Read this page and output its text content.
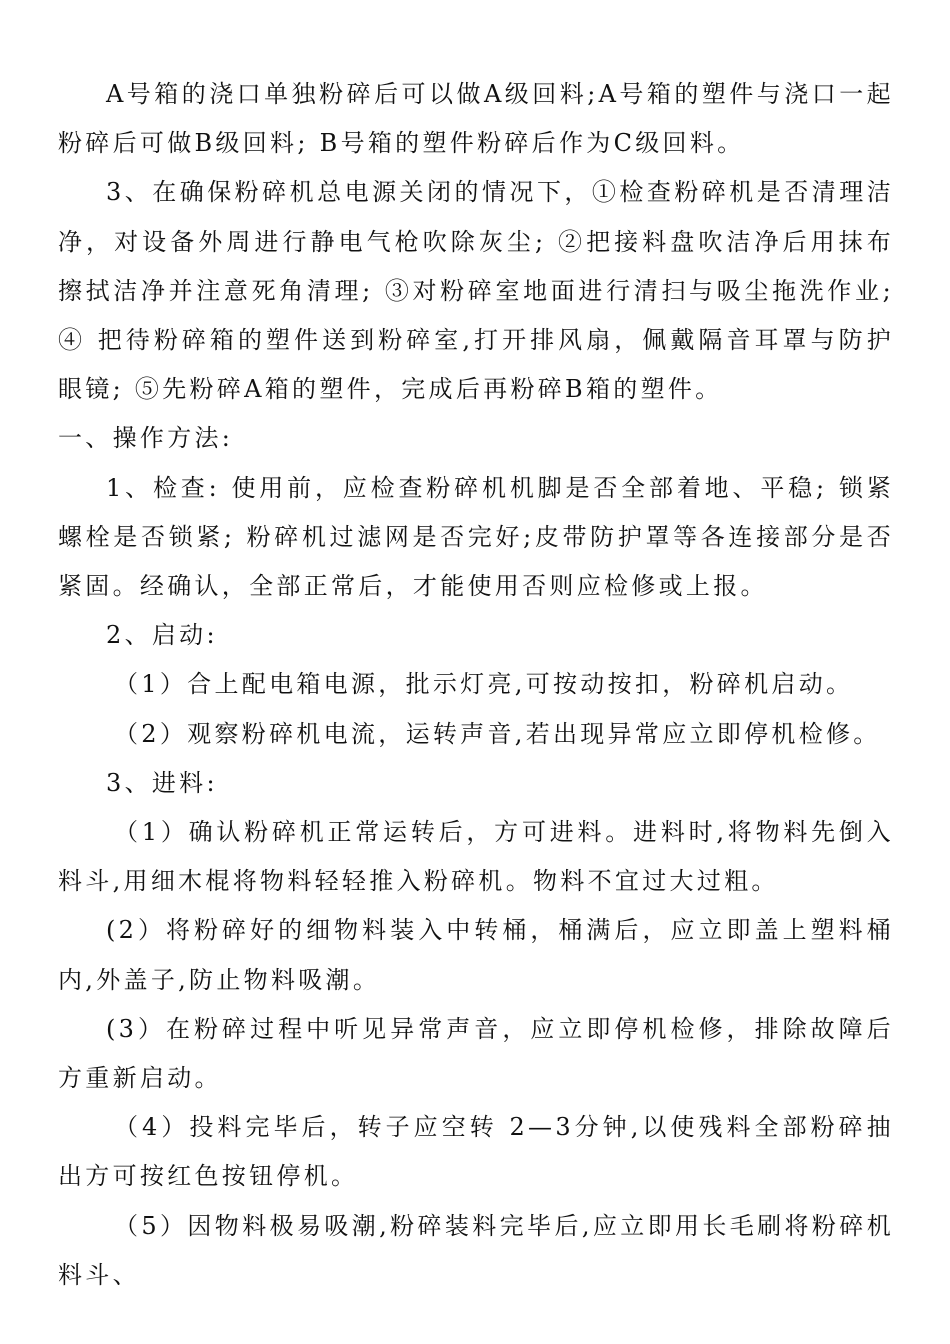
A号箱的浇口单独粉碎后可以做A级回料;A号箱的塑件与浇口一起粉碎后可做B级回料; B号箱的塑件粉碎后作为C级回料。

3、在确保粉碎机总电源关闭的情况下，①检查粉碎机是否清理洁净，对设备外周进行静电气枪吹除灰尘; ②把接料盘吹洁净后用抹布擦拭洁净并注意死角清理; ③对粉碎室地面进行清扫与吸尘拖洗作业;④ 把待粉碎箱的塑件送到粉碎室,打开排风扇，佩戴隔音耳罩与防护眼镜; ⑤先粉碎A箱的塑件，完成后再粉碎B箱的塑件。

一、操作方法:

1、检查: 使用前，应检查粉碎机机脚是否全部着地、平稳; 锁紧螺栓是否锁紧; 粉碎机过滤网是否完好;皮带防护罩等各连接部分是否紧固。经确认，全部正常后，才能使用否则应检修或上报。

2、启动:

（1）合上配电箱电源，批示灯亮,可按动按扣，粉碎机启动。

（2）观察粉碎机电流，运转声音,若出现异常应立即停机检修。

3、进料:

（1）确认粉碎机正常运转后，方可进料。进料时,将物料先倒入料斗,用细木棍将物料轻轻推入粉碎机。物料不宜过大过粗。

(2）将粉碎好的细物料装入中转桶，桶满后，应立即盖上塑料桶内,外盖子,防止物料吸潮。

(3）在粉碎过程中听见异常声音，应立即停机检修，排除故障后方重新启动。

（4）投料完毕后，转子应空转 2—3分钟,以使残料全部粉碎抽出方可按红色按钮停机。

（5）因物料极易吸潮,粉碎装料完毕后,应立即用长毛刷将粉碎机料斗、
